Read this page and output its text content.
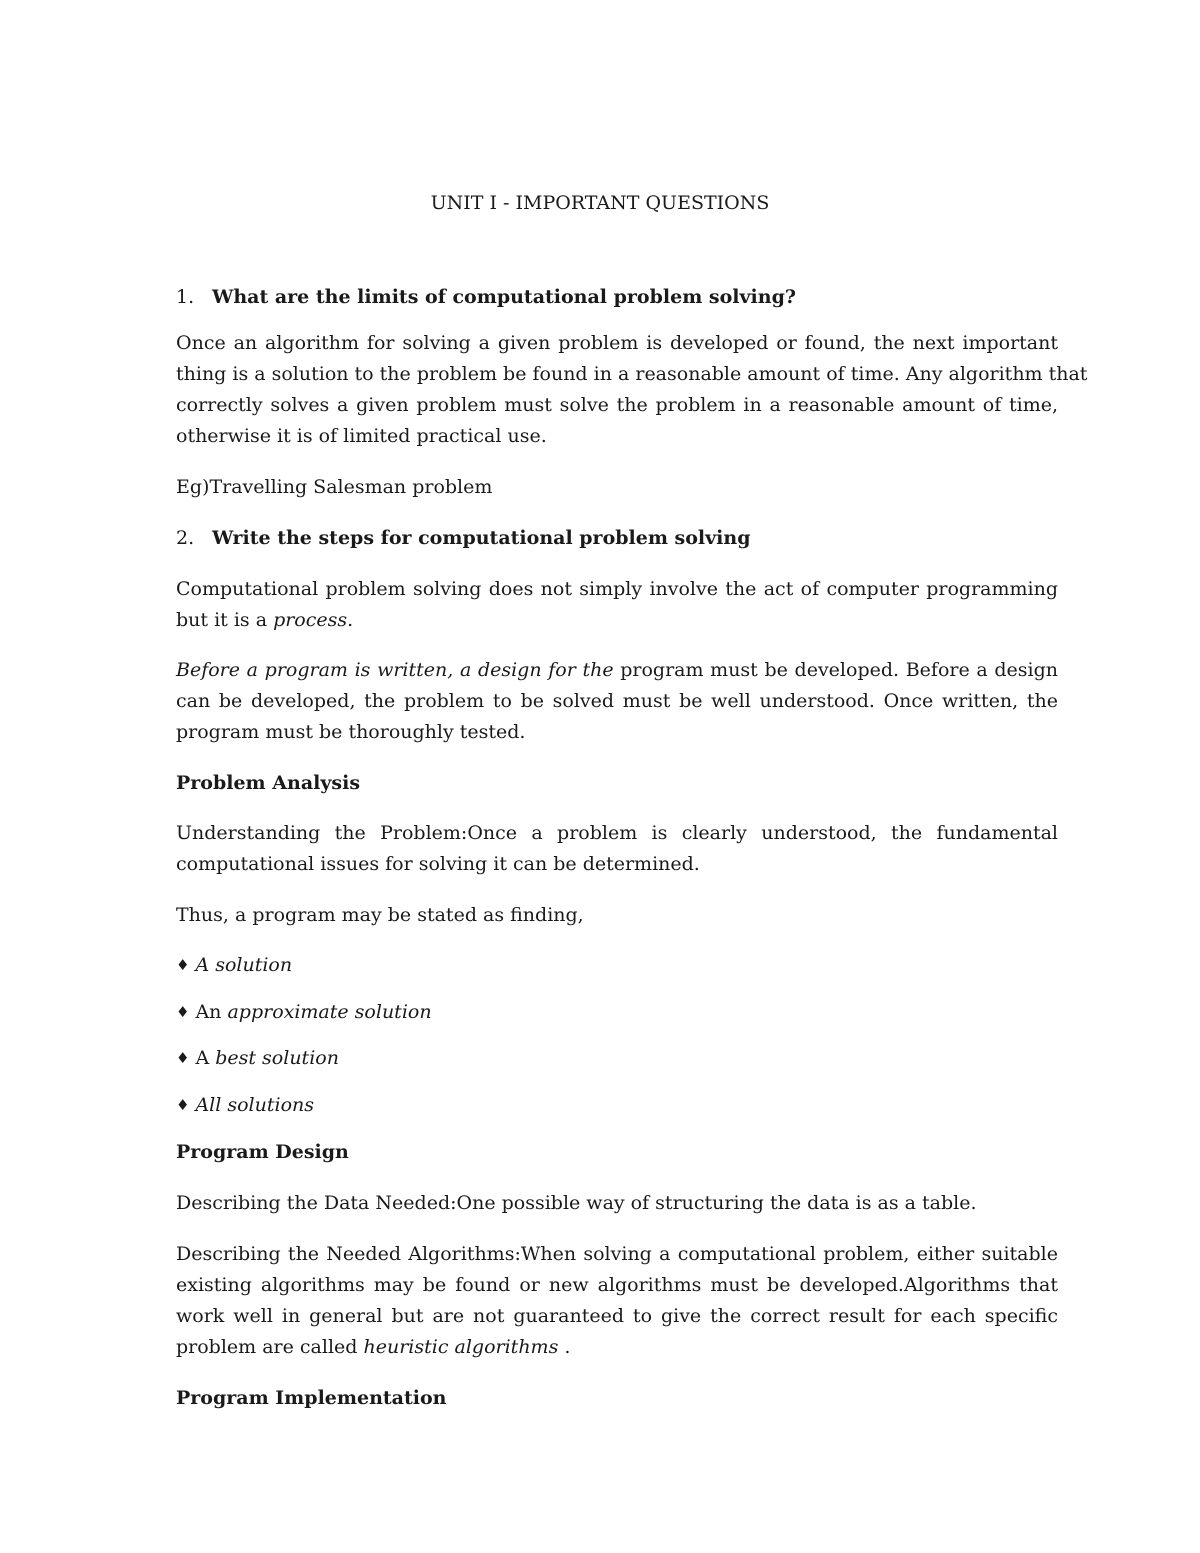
UNIT I - IMPORTANT QUESTIONS
1. What are the limits of computational problem solving?
Once an algorithm for solving a given problem is developed or found, the next important
thing is a solution to the problem be found in a reasonable amount of time. Any algorithm that
correctly solves a given problem must solve the problem in a reasonable amount of time,
otherwise it is of limited practical use.
Eg)Travelling Salesman problem
2. Write the steps for computational problem solving
Computational problem solving does not simply involve the act of computer programming
but it is a process.
Before a program is written, a design for the program must be developed. Before a design
can be developed, the problem to be solved must be well understood. Once written, the
program must be thoroughly tested.
Problem Analysis
Understanding the Problem:Once a problem is clearly understood, the fundamental
computational issues for solving it can be determined.
Thus, a program may be stated as finding,
♦ A solution
♦ An approximate solution
♦ A best solution
♦ All solutions
Program Design
Describing the Data Needed:One possible way of structuring the data is as a table.
Describing the Needed Algorithms:When solving a computational problem, either suitable
existing algorithms may be found or new algorithms must be developed.Algorithms that
work well in general but are not guaranteed to give the correct result for each specific
problem are called heuristic algorithms .
Program Implementation
